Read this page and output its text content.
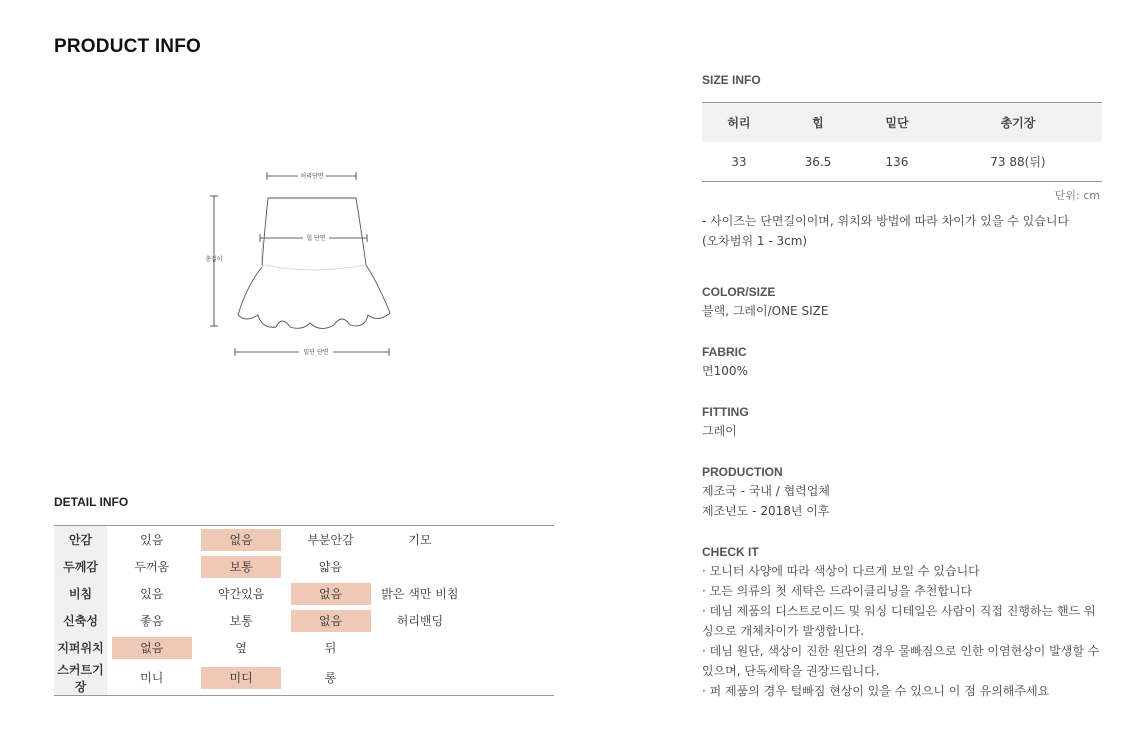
PRODUCT INFO
허리단면
힙 단면
총길이
밑단 단면
DETAIL INFO
안감	있음	없음	부분안감	기모	
두께감	두꺼움	보통	얇음		
비침	있음	약간있음	없음	밝은 색만 비침	
신축성	좋음	보통	없음	허리밴딩	
지퍼위치	없음	옆	뒤		
스커트기장	미니	미디	롱		
SIZE INFO
허리	힙	밑단	총기장
33	36.5	136	73 88(뒤)
단위: cm

- 사이즈는 단면길이이며, 위치와 방법에 따라 차이가 있을 수 있습니다

(오차범위 1 - 3cm)

COLOR/SIZE

블랙, 그레이/ONE SIZE

FABRIC

면100%

FITTING

그레이

PRODUCTION

제조국 - 국내 / 협력업체

제조년도 - 2018년 이후

CHECK IT

· 모니터 사양에 따라 색상이 다르게 보일 수 있습니다

· 모든 의류의 첫 세탁은 드라이클리닝을 추천합니다

· 데님 제품의 디스트로이드 및 워싱 디테일은 사람이 직접 진행하는 핸드 워싱으로 개체차이가 발생합니다.

· 데님 원단, 색상이 진한 원단의 경우 물빠짐으로 인한 이염현상이 발생할 수 있으며, 단독세탁을 권장드립니다.

· 퍼 제품의 경우 털빠짐 현상이 있을 수 있으니 이 점 유의해주세요
